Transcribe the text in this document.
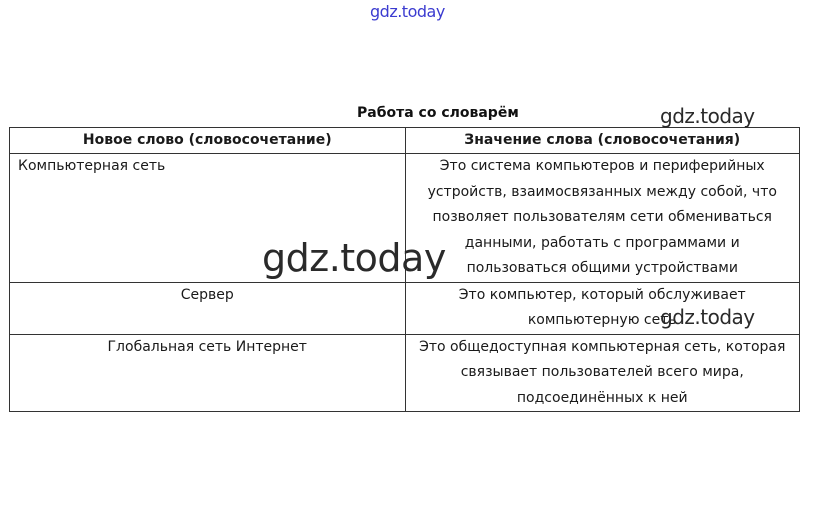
gdz.today
Работа со словарём
Новое слово (словосочетание)	Значение слова (словосочетания)
Компьютерная сеть	Это система компьютеров и периферийных устройств, взаимосвязанных между собой, что позволяет пользователям сети обмениваться данными, работать с программами и пользоваться общими устройствами
Сервер	Это компьютер, который обслуживает компьютерную сеть
Глобальная сеть Интернет	Это общедоступная компьютерная сеть, которая связывает пользователей всего мира, подсоединённых к ней
gdz.today
gdz.today
gdz.today
